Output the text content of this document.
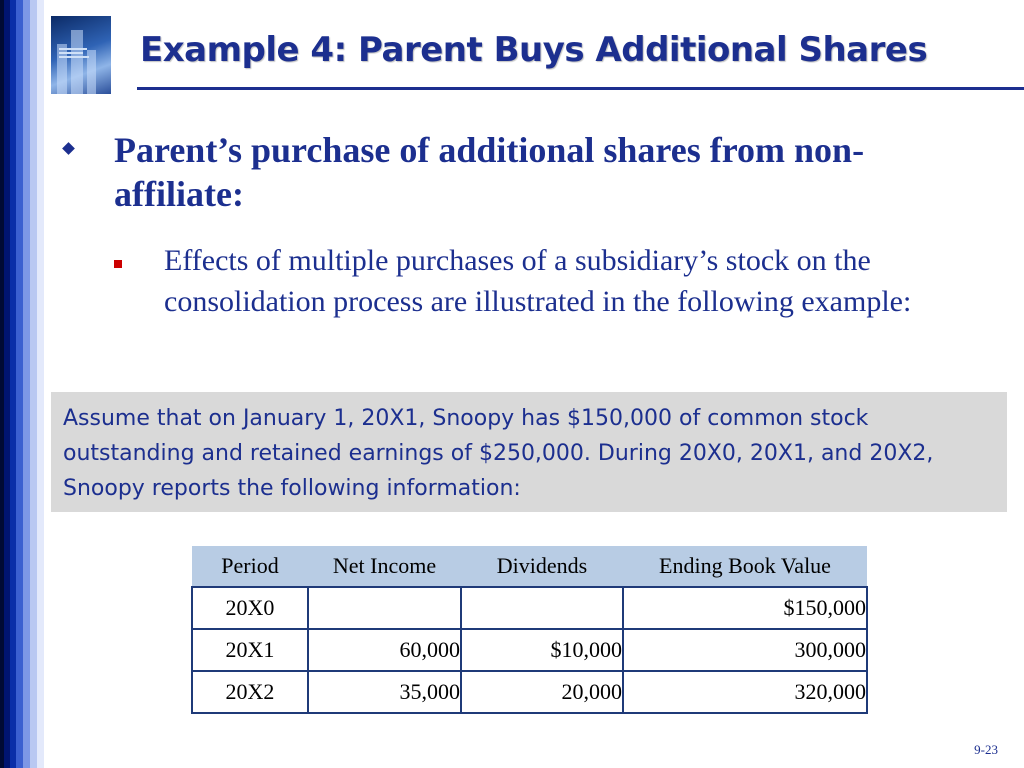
Example 4: Parent Buys Additional Shares
Parent’s purchase of additional shares from non-affiliate:
Effects of multiple purchases of a subsidiary’s stock on the consolidation process are illustrated in the following example:

Assume that on January 1, 20X1, Snoopy has $150,000 of common stock outstanding and retained earnings of $250,000. During 20X0, 20X1, and 20X2, Snoopy reports the following information:

Period	Net Income	Dividends	Ending Book Value
20X0			$150,000
20X1	60,000	$10,000	300,000
20X2	35,000	20,000	320,000
9-23
